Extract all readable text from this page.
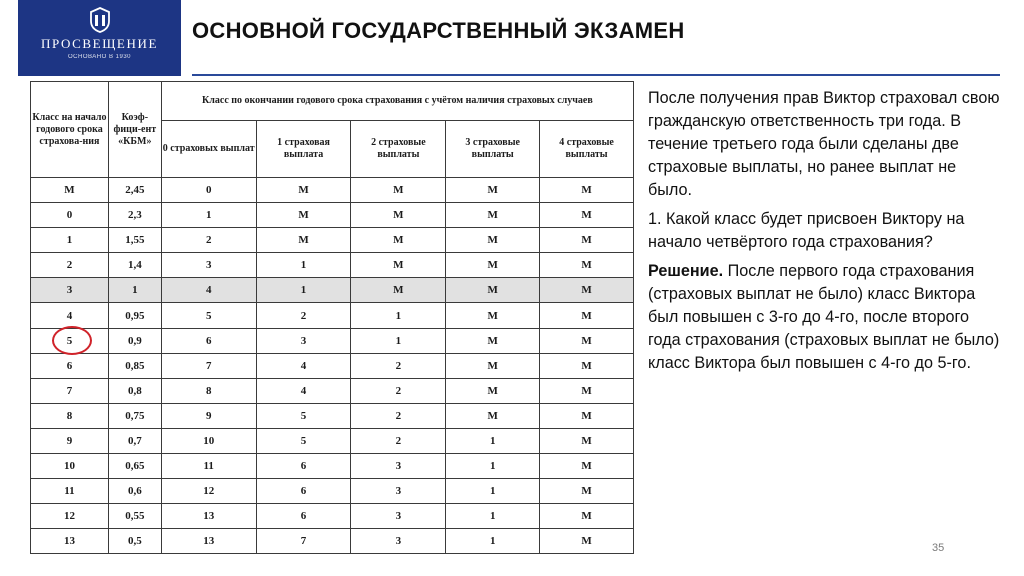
ПРОСВЕЩЕНИЕ
ОСНОВАНО В 1930
ОСНОВНОЙ ГОСУДАРСТВЕННЫЙ ЭКЗАМЕН
Класс на начало годового срока страхова-ния	Коэф-фици-ент «КБМ»	Класс по окончании годового срока страхования с учётом наличия страховых случаев				
		0 страховых выплат	1 страховая выплата	2 страховые выплаты	3 страховые выплаты	4 страховые выплаты
М	2,45	0	М	М	М	М
0	2,3	1	М	М	М	М
1	1,55	2	М	М	М	М
2	1,4	3	1	М	М	М
3	1	4	1	М	М	М
4	0,95	5	2	1	М	М
5	0,9	6	3	1	М	М
6	0,85	7	4	2	М	М
7	0,8	8	4	2	М	М
8	0,75	9	5	2	М	М
9	0,7	10	5	2	1	М
10	0,65	11	6	3	1	М
11	0,6	12	6	3	1	М
12	0,55	13	6	3	1	М
13	0,5	13	7	3	1	М

После получения прав Виктор страховал свою гражданскую ответственность три года. В течение третьего года были сделаны две страховые выплаты, но ранее выплат не было.

1. Какой класс будет присвоен Виктору на начало четвёртого года страхования?

Решение. После первого года страхования (страховых выплат не было) класс Виктора был повышен с 3-го до 4-го, после второго года страхования (страховых выплат не было) класс Виктора был повышен с 4-го до 5-го.

35
